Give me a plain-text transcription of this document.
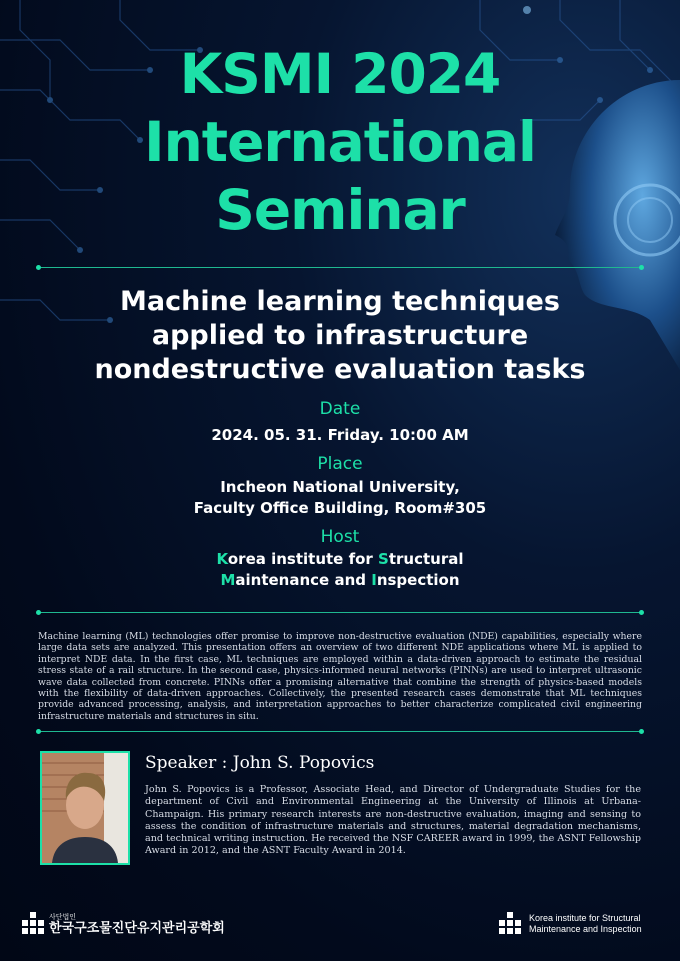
KSMI 2024
International
Seminar
Machine learning techniques
applied to infrastructure
nondestructive evaluation tasks
Date
2024. 05. 31. Friday. 10:00 AM
Place
Incheon National University,
Faculty Office Building, Room#305
Host
Korea institute for Structural
Maintenance and Inspection
Machine learning (ML) technologies offer promise to improve non-destructive evaluation (NDE) capabilities, especially where large data sets are analyzed. This presentation offers an overview of two different NDE applications where ML is applied to interpret NDE data. In the first case, ML techniques are employed within a data-driven approach to estimate the residual stress state of a rail structure. In the second case, physics-informed neural networks (PINNs) are used to interpret ultrasonic wave data collected from concrete. PINNs offer a promising alternative that combine the strength of physics-based models with the flexibility of data-driven approaches. Collectively, the presented research cases demonstrate that ML techniques provide advanced processing, analysis, and interpretation approaches to better characterize complicated civil engineering infrastructure materials and structures in situ.
Speaker : John S. Popovics
John S. Popovics is a Professor, Associate Head, and Director of Undergraduate Studies for the department of Civil and Environmental Engineering at the University of Illinois at Urbana-Champaign. His primary research interests are non-destructive evaluation, imaging and sensing to assess the condition of infrastructure materials and structures, material degradation mechanisms, and technical writing instruction. He received the NSF CAREER award in 1999, the ASNT Fellowship Award in 2012, and the ASNT Faculty Award in 2014.
사단법인
한국구조물진단유지관리공학회
Korea institute for Structural
Maintenance and Inspection
